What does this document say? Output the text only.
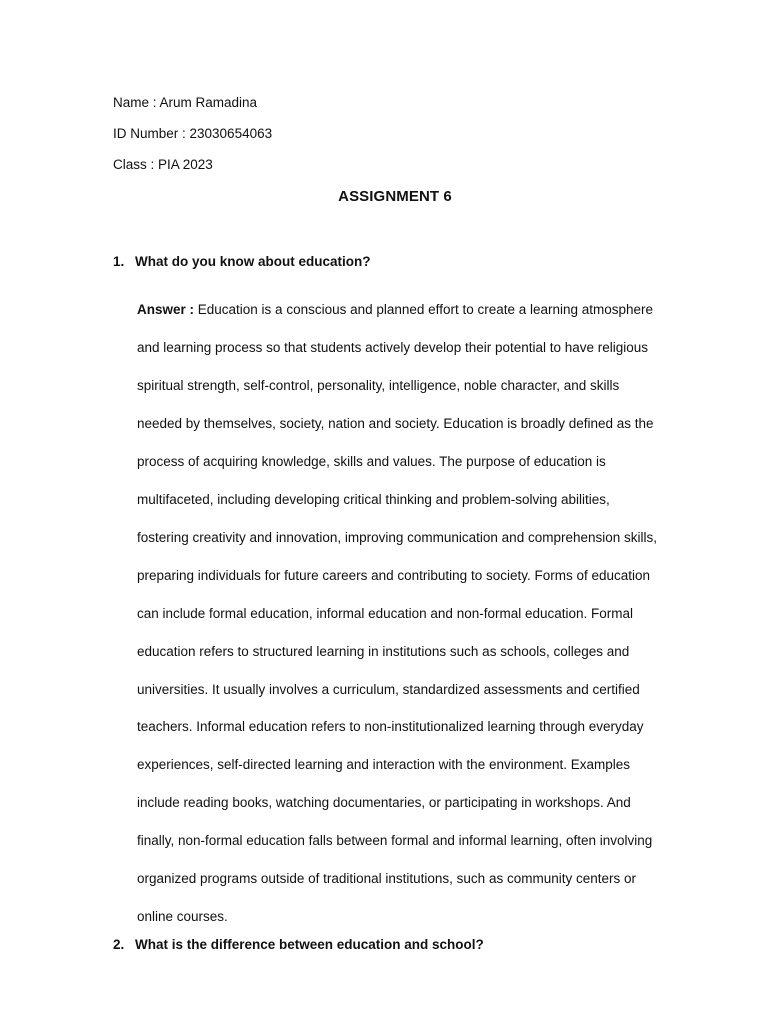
Name : Arum Ramadina
ID Number : 23030654063
Class : PIA 2023
ASSIGNMENT 6
1. What do you know about education?
Answer : Education is a conscious and planned effort to create a learning atmosphere
and learning process so that students actively develop their potential to have religious
spiritual strength, self-control, personality, intelligence, noble character, and skills
needed by themselves, society, nation and society. Education is broadly defined as the
process of acquiring knowledge, skills and values. The purpose of education is
multifaceted, including developing critical thinking and problem-solving abilities,
fostering creativity and innovation, improving communication and comprehension skills,
preparing individuals for future careers and contributing to society. Forms of education
can include formal education, informal education and non-formal education. Formal
education refers to structured learning in institutions such as schools, colleges and
universities. It usually involves a curriculum, standardized assessments and certified
teachers. Informal education refers to non-institutionalized learning through everyday
experiences, self-directed learning and interaction with the environment. Examples
include reading books, watching documentaries, or participating in workshops. And
finally, non-formal education falls between formal and informal learning, often involving
organized programs outside of traditional institutions, such as community centers or
online courses.
2. What is the difference between education and school?
